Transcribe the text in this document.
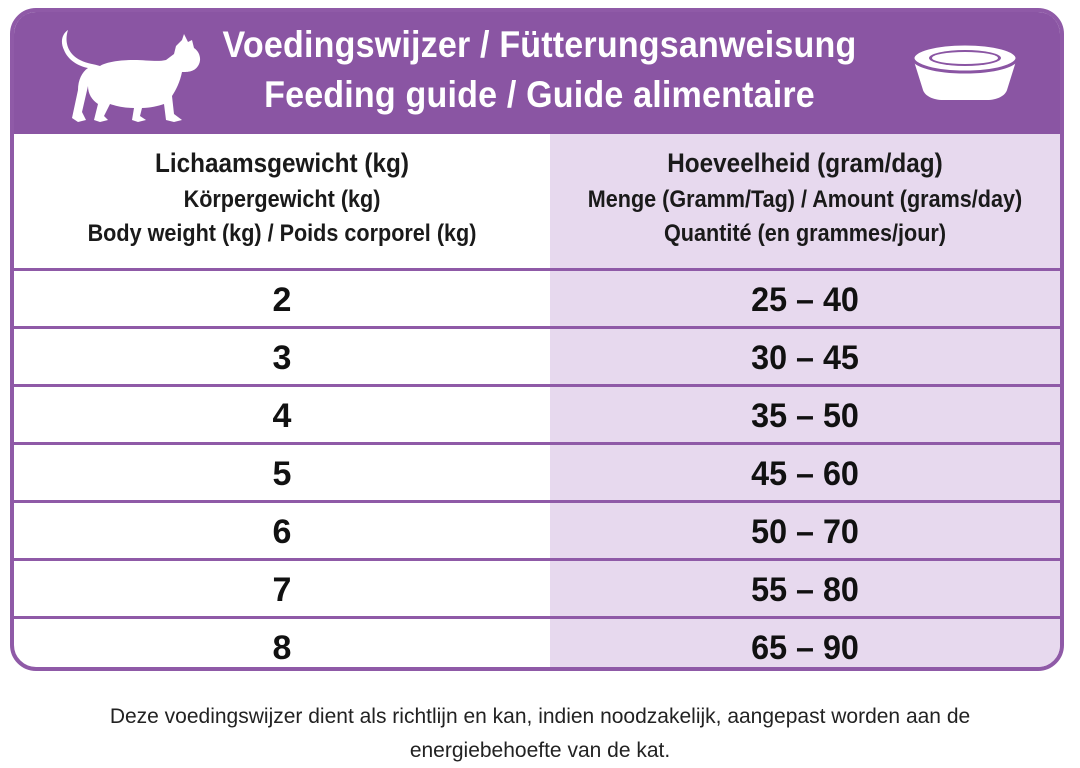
Voedingswijzer / Fütterungsanweisung
Feeding guide / Guide alimentaire
Lichaamsgewicht (kg)
Körpergewicht (kg)
Body weight (kg) / Poids corporel (kg)
Hoeveelheid (gram/dag)
Menge (Gramm/Tag) / Amount (grams/day)
Quantité (en grammes/jour)
2	25 – 40
3	30 – 45
4	35 – 50
5	45 – 60
6	50 – 70
7	55 – 80
8	65 – 90
Deze voedingswijzer dient als richtlijn en kan, indien noodzakelijk, aangepast worden aan de
energiebehoefte van de kat.
